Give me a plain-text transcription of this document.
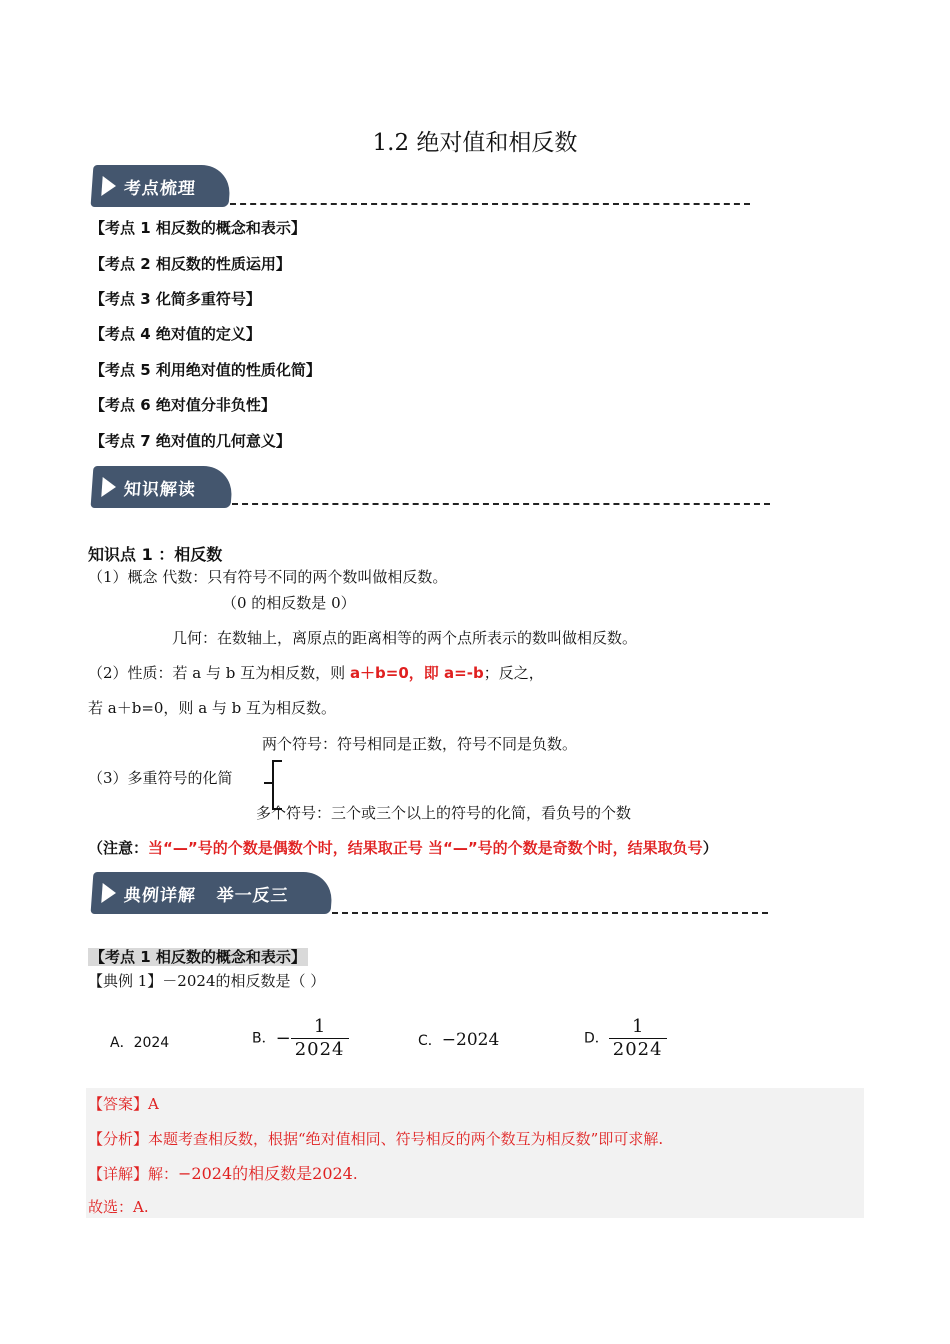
1.2 绝对值和相反数
考点梳理
【考点 1 相反数的概念和表示】
【考点 2 相反数的性质运用】
【考点 3 化简多重符号】
【考点 4 绝对值的定义】
【考点 5 利用绝对值的性质化简】
【考点 6 绝对值分非负性】
【考点 7 绝对值的几何意义】
知识解读
知识点 1 ：相反数
（1）概念 代数：只有符号不同的两个数叫做相反数。
（0 的相反数是 0）
几何：在数轴上，离原点的距离相等的两个点所表示的数叫做相反数。
（2）性质：若 a 与 b 互为相反数，则 a＋b=0，即 a=-b；反之，
若 a＋b=0，则 a 与 b 互为相反数。
两个符号：符号相同是正数，符号不同是负数。
（3）多重符号的化简
多个符号：三个或三个以上的符号的化简，看负号的个数
（注意：当“—”号的个数是偶数个时，结果取正号 当“—”号的个数是奇数个时，结果取负号）
典例详解   举一反三
【考点 1 相反数的概念和表示】
【典例 1】－2024的相反数是（ ）
A．2024	B．− $\frac{1}{2024}$	C．−2024	D． $\frac{1}{2024}$
【答案】A
【分析】本题考查相反数，根据“绝对值相同、符号相反的两个数互为相反数”即可求解.
【详解】解：−2024的相反数是2024.
故选：A.
